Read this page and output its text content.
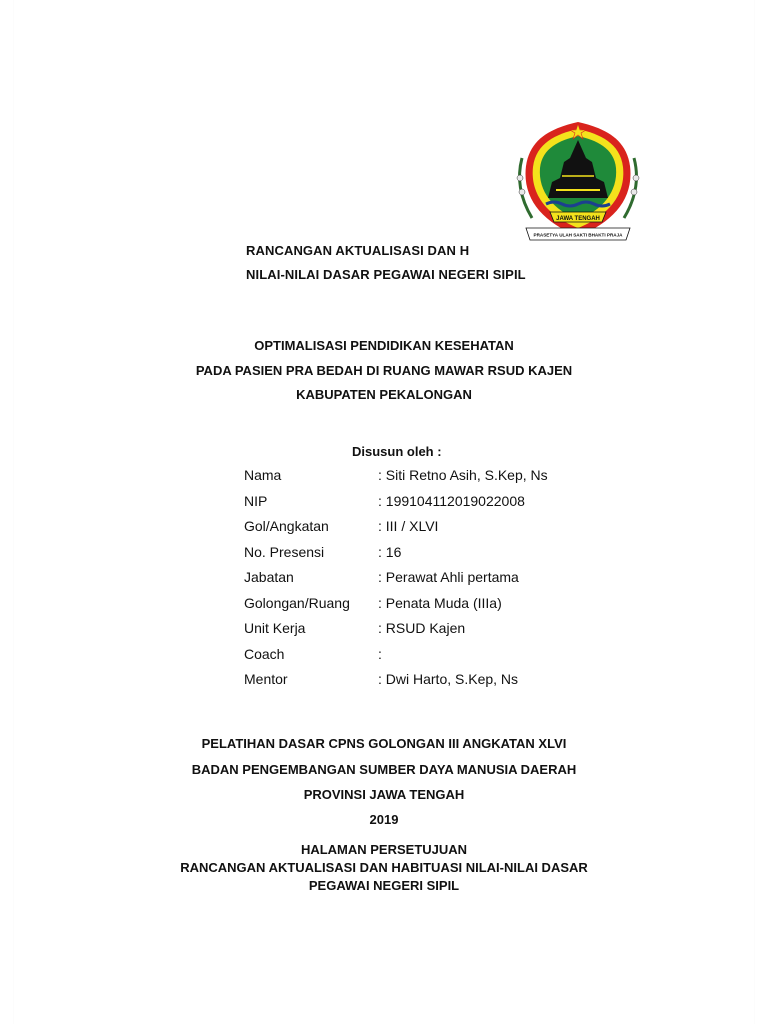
JAWA TENGAH
PRASETYA ULAH SAKTI BHAKTI PRAJA
RANCANGAN AKTUALISASI DAN H
NILAI-NILAI DASAR PEGAWAI NEGERI SIPIL
OPTIMALISASI PENDIDIKAN KESEHATAN
PADA PASIEN PRA BEDAH DI RUANG MAWAR RSUD KAJEN
KABUPATEN PEKALONGAN
Disusun oleh :
Nama	: Siti Retno Asih, S.Kep, Ns
NIP	: 199104112019022008
Gol/Angkatan	: III / XLVI
No. Presensi	: 16
Jabatan	: Perawat Ahli pertama
Golongan/Ruang : Penata Muda (IIIa)
Unit Kerja	: RSUD Kajen
Coach	:
Mentor	: Dwi Harto, S.Kep, Ns
PELATIHAN DASAR CPNS GOLONGAN III ANGKATAN XLVI
BADAN PENGEMBANGAN SUMBER DAYA MANUSIA DAERAH
PROVINSI JAWA TENGAH
2019
HALAMAN PERSETUJUAN
RANCANGAN AKTUALISASI DAN HABITUASI NILAI-NILAI DASAR
PEGAWAI NEGERI SIPIL
